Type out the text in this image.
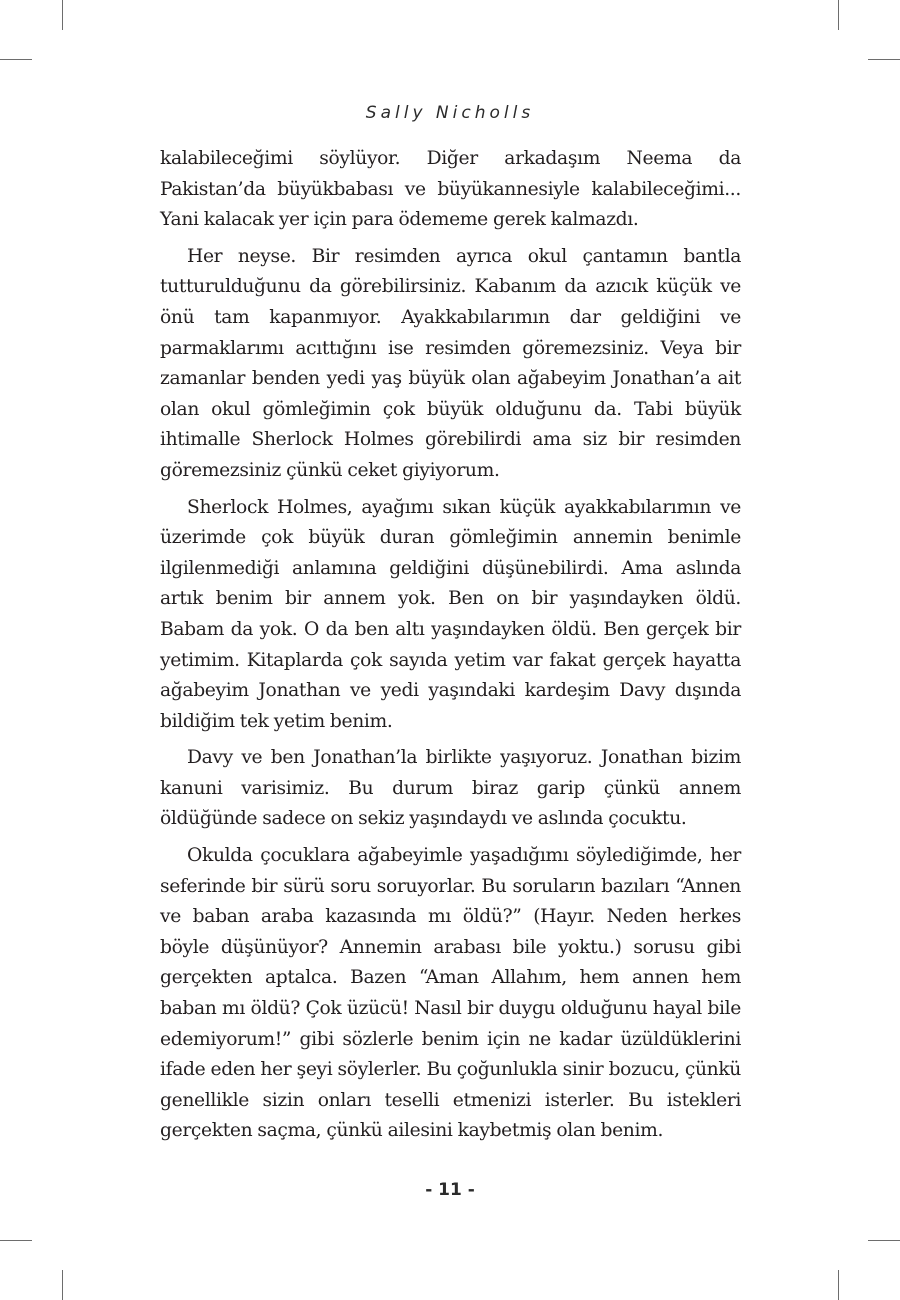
Sally Nicholls

kalabileceğimi söylüyor. Diğer arkadaşım Neema da Pakistan’da büyükbabası ve büyükannesiyle kalabileceğimi... Yani kalacak yer için para ödememe gerek kalmazdı.

Her neyse. Bir resimden ayrıca okul çantamın bantla tutturulduğunu da görebilirsiniz. Kabanım da azıcık küçük ve önü tam kapanmıyor. Ayakkabılarımın dar geldiğini ve parmaklarımı acıttığını ise resimden göremezsiniz. Veya bir zamanlar benden yedi yaş büyük olan ağabeyim Jonathan’a ait olan okul gömleğimin çok büyük olduğunu da. Tabi büyük ihtimalle Sherlock Holmes görebilirdi ama siz bir resimden göremezsiniz çünkü ceket giyiyorum.

Sherlock Holmes, ayağımı sıkan küçük ayakkabılarımın ve üzerimde çok büyük duran gömleğimin annemin benimle ilgilenmediği anlamına geldiğini düşünebilirdi. Ama aslında artık benim bir annem yok. Ben on bir yaşındayken öldü. Babam da yok. O da ben altı yaşındayken öldü. Ben gerçek bir yetimim. Kitaplarda çok sayıda yetim var fakat gerçek hayatta ağabeyim Jonathan ve yedi yaşındaki kardeşim Davy dışında bildiğim tek yetim benim.

Davy ve ben Jonathan’la birlikte yaşıyoruz. Jonathan bizim kanuni varisimiz. Bu durum biraz garip çünkü annem öldüğünde sadece on sekiz yaşındaydı ve aslında çocuktu.

Okulda çocuklara ağabeyimle yaşadığımı söylediğimde, her seferinde bir sürü soru soruyorlar. Bu soruların bazıları “Annen ve baban araba kazasında mı öldü?” (Hayır. Neden herkes böyle düşünüyor? Annemin arabası bile yoktu.) sorusu gibi gerçekten aptalca. Bazen “Aman Allahım, hem annen hem baban mı öldü? Çok üzücü! Nasıl bir duygu olduğunu hayal bile edemiyorum!” gibi sözlerle benim için ne kadar üzüldüklerini ifade eden her şeyi söylerler. Bu çoğunlukla sinir bozucu, çünkü genellikle sizin onları teselli etmenizi isterler. Bu istekleri gerçekten saçma, çünkü ailesini kaybetmiş olan benim.

- 11 -
